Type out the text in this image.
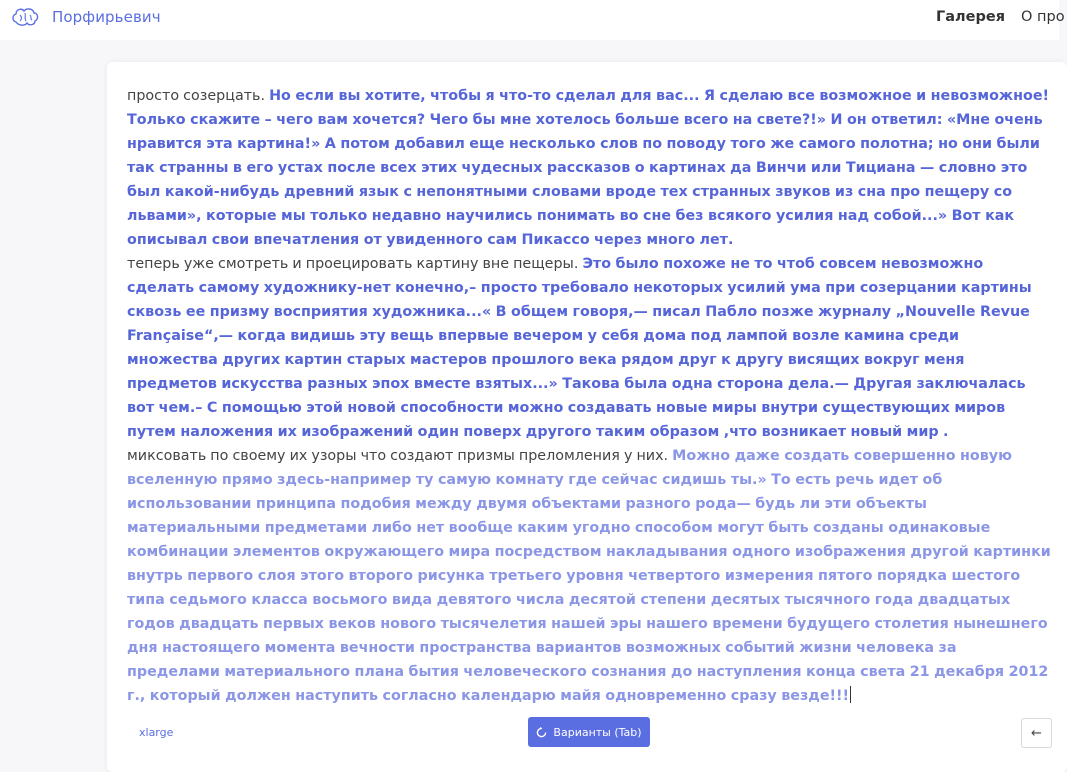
Порфирьевич	Галерея О про
просто созерцать. Но если вы хотите, чтобы я что-то сделал для вас... Я сделаю все возможное и невозможное! Только скажите – чего вам хочется? Чего бы мне хотелось больше всего на свете?!» И он ответил: «Мне очень нравится эта картина!» А потом добавил еще несколько слов по поводу того же самого полотна; но они были так странны в его устах после всех этих чудесных рассказов о картинах да Винчи или Тициана — словно это был какой-нибудь древний язык с непонятными словами вроде тех странных звуков из сна про пещеру со львами», которые мы только недавно научились понимать во сне без всякого усилия над собой...» Вот как описывал свои впечатления от увиденного сам Пикассо через много лет.
теперь уже смотреть и проецировать картину вне пещеры. Это было похоже не то чтоб совсем невозможно сделать самому художнику-нет конечно,– просто требовало некоторых усилий ума при созерцании картины сквозь ее призму восприятия художника...« В общем говоря,— писал Пабло позже журналу „Nouvelle Revue Française“,— когда видишь эту вещь впервые вечером у себя дома под лампой возле камина среди множества других картин старых мастеров прошлого века рядом друг к другу висящих вокруг меня предметов искусства разных эпох вместе взятых...» Такова была одна сторона дела.— Другая заключалась вот чем.– С помощью этой новой способности можно создавать новые миры внутри существующих миров путем наложения их изображений один поверх другого таким образом ,что возникает новый мир .
миксовать по своему их узоры что создают призмы преломления у них. Можно даже создать совершенно новую вселенную прямо здесь-например ту самую комнату где сейчас сидишь ты.» То есть речь идет об использовании принципа подобия между двумя объектами разного рода— будь ли эти объекты материальными предметами либо нет вообще каким угодно способом могут быть созданы одинаковые комбинации элементов окружающего мира посредством накладывания одного изображения другой картинки внутрь первого слоя этого второго рисунка третьего уровня четвертого измерения пятого порядка шестого типа седьмого класса восьмого вида девятого числа десятой степени десятых тысячного года двадцатых годов двадцать первых веков нового тысячелетия нашей эры нашего времени будущего столетия нынешнего дня настоящего момента вечности пространства вариантов возможных событий жизни человека за пределами материального плана бытия человеческого сознания до наступления конца света 21 декабря 2012 г., который должен наступить согласно календарю майя одновременно сразу везде!!!
xlarge	Варианты (Tab)	←
